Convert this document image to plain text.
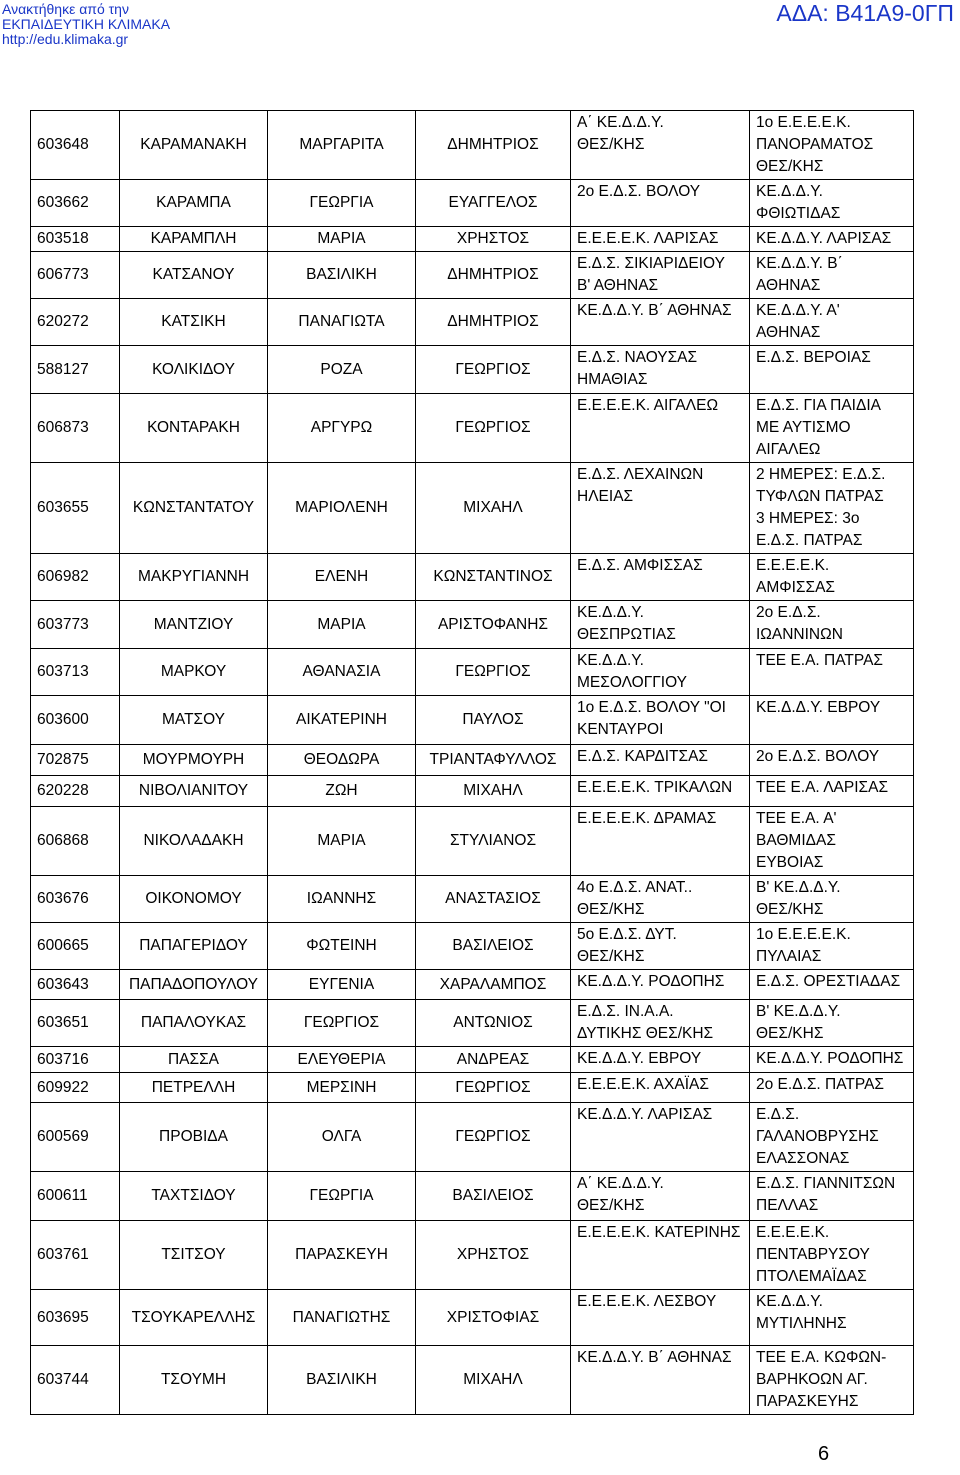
Ανακτήθηκε από την
ΕΚΠΑΙΔΕΥΤΙΚΗ ΚΛΙΜΑΚΑ
http://edu.klimaka.gr
ΑΔΑ: Β41Α9-0ΓΠ
603648	ΚΑΡΑΜΑΝΑΚΗ	ΜΑΡΓΑΡΙΤΑ	ΔΗΜΗΤΡΙΟΣ	Α΄ ΚΕ.Δ.Δ.Υ.
ΘΕΣ/ΚΗΣ	1ο Ε.Ε.Ε.Ε.Κ.
ΠΑΝΟΡΑΜΑΤΟΣ
ΘΕΣ/ΚΗΣ

603662	ΚΑΡΑΜΠΑ	ΓΕΩΡΓΙΑ	ΕΥΑΓΓΕΛΟΣ	2ο Ε.Δ.Σ. ΒΟΛΟΥ	ΚΕ.Δ.Δ.Υ.
ΦΘΙΩΤΙΔΑΣ

603518	ΚΑΡΑΜΠΛΗ	ΜΑΡΙΑ	ΧΡΗΣΤΟΣ	Ε.Ε.Ε.Ε.Κ. ΛΑΡΙΣΑΣ	ΚΕ.Δ.Δ.Υ. ΛΑΡΙΣΑΣ

606773	ΚΑΤΣΑΝΟΥ	ΒΑΣΙΛΙΚΗ	ΔΗΜΗΤΡΙΟΣ	Ε.Δ.Σ. ΣΙΚΙΑΡΙΔΕΙΟΥ
Β' ΑΘΗΝΑΣ	ΚΕ.Δ.Δ.Υ. Β΄
ΑΘΗΝΑΣ

620272	ΚΑΤΣΙΚΗ	ΠΑΝΑΓΙΩΤΑ	ΔΗΜΗΤΡΙΟΣ	ΚΕ.Δ.Δ.Υ. Β΄ ΑΘΗΝΑΣ	ΚΕ.Δ.Δ.Υ. Α'
ΑΘΗΝΑΣ

588127	ΚΟΛΙΚΙΔΟΥ	ΡΟΖΑ	ΓΕΩΡΓΙΟΣ	Ε.Δ.Σ. ΝΑΟΥΣΑΣ
ΗΜΑΘΙΑΣ	Ε.Δ.Σ. ΒΕΡΟΙΑΣ

606873	ΚΟΝΤΑΡΑΚΗ	ΑΡΓΥΡΩ	ΓΕΩΡΓΙΟΣ	Ε.Ε.Ε.Ε.Κ. ΑΙΓΑΛΕΩ	Ε.Δ.Σ. ΓΙΑ ΠΑΙΔΙΑ
ΜΕ ΑΥΤΙΣΜΟ
ΑΙΓΑΛΕΩ

603655	ΚΩΝΣΤΑΝΤΑΤΟΥ	ΜΑΡΙΟΛΕΝΗ	ΜΙΧΑΗΛ	Ε.Δ.Σ. ΛΕΧΑΙΝΩΝ
ΗΛΕΙΑΣ	2 ΗΜΕΡΕΣ: Ε.Δ.Σ.
ΤΥΦΛΩΝ ΠΑΤΡΑΣ
3 ΗΜΕΡΕΣ: 3ο
Ε.Δ.Σ. ΠΑΤΡΑΣ

606982	ΜΑΚΡΥΓΙΑΝΝΗ	ΕΛΕΝΗ	ΚΩΝΣΤΑΝΤΙΝΟΣ	Ε.Δ.Σ. ΑΜΦΙΣΣΑΣ	Ε.Ε.Ε.Ε.Κ.
ΑΜΦΙΣΣΑΣ

603773	ΜΑΝΤΖΙΟΥ	ΜΑΡΙΑ	ΑΡΙΣΤΟΦΑΝΗΣ	ΚΕ.Δ.Δ.Υ.
ΘΕΣΠΡΩΤΙΑΣ	2ο Ε.Δ.Σ.
ΙΩΑΝΝΙΝΩΝ

603713	ΜΑΡΚΟΥ	ΑΘΑΝΑΣΙΑ	ΓΕΩΡΓΙΟΣ	ΚΕ.Δ.Δ.Υ.
ΜΕΣΟΛΟΓΓΙΟΥ	ΤΕΕ Ε.Α. ΠΑΤΡΑΣ

603600	ΜΑΤΣΟΥ	ΑΙΚΑΤΕΡΙΝΗ	ΠΑΥΛΟΣ	1ο Ε.Δ.Σ. ΒΟΛΟΥ "ΟΙ
ΚΕΝΤΑΥΡΟΙ	ΚΕ.Δ.Δ.Υ. ΕΒΡΟΥ

702875	ΜΟΥΡΜΟΥΡΗ	ΘΕΟΔΩΡΑ	ΤΡΙΑΝΤΑΦΥΛΛΟΣ	Ε.Δ.Σ. ΚΑΡΔΙΤΣΑΣ	2ο Ε.Δ.Σ. ΒΟΛΟΥ

620228	ΝΙΒΟΛΙΑΝΙΤΟΥ	ΖΩΗ	ΜΙΧΑΗΛ	Ε.Ε.Ε.Ε.Κ. ΤΡΙΚΑΛΩΝ	ΤΕΕ Ε.Α. ΛΑΡΙΣΑΣ

606868	ΝΙΚΟΛΑΔΑΚΗ	ΜΑΡΙΑ	ΣΤΥΛΙΑΝΟΣ	Ε.Ε.Ε.Ε.Κ. ΔΡΑΜΑΣ	ΤΕΕ Ε.Α. Α'
ΒΑΘΜΙΔΑΣ
ΕΥΒΟΙΑΣ

603676	ΟΙΚΟΝΟΜΟΥ	ΙΩΑΝΝΗΣ	ΑΝΑΣΤΑΣΙΟΣ	4ο Ε.Δ.Σ. ΑΝΑΤ..
ΘΕΣ/ΚΗΣ	Β' ΚΕ.Δ.Δ.Υ.
ΘΕΣ/ΚΗΣ

600665	ΠΑΠΑΓΕΡΙΔΟΥ	ΦΩΤΕΙΝΗ	ΒΑΣΙΛΕΙΟΣ	5ο Ε.Δ.Σ. ΔΥΤ.
ΘΕΣ/ΚΗΣ	1ο Ε.Ε.Ε.Ε.Κ.
ΠΥΛΑΙΑΣ

603643	ΠΑΠΑΔΟΠΟΥΛΟΥ	ΕΥΓΕΝΙΑ	ΧΑΡΑΛΑΜΠΟΣ	ΚΕ.Δ.Δ.Υ. ΡΟΔΟΠΗΣ	Ε.Δ.Σ. ΟΡΕΣΤΙΑΔΑΣ

603651	ΠΑΠΑΛΟΥΚΑΣ	ΓΕΩΡΓΙΟΣ	ΑΝΤΩΝΙΟΣ	Ε.Δ.Σ. ΙΝ.Α.Α.
ΔΥΤΙΚΗΣ ΘΕΣ/ΚΗΣ	Β' ΚΕ.Δ.Δ.Υ.
ΘΕΣ/ΚΗΣ

603716	ΠΑΣΣΑ	ΕΛΕΥΘΕΡΙΑ	ΑΝΔΡΕΑΣ	ΚΕ.Δ.Δ.Υ. ΕΒΡΟΥ	ΚΕ.Δ.Δ.Υ. ΡΟΔΟΠΗΣ

609922	ΠΕΤΡΕΛΛΗ	ΜΕΡΣΙΝΗ	ΓΕΩΡΓΙΟΣ	Ε.Ε.Ε.Ε.Κ. ΑΧΑΪΑΣ	2ο Ε.Δ.Σ. ΠΑΤΡΑΣ

600569	ΠΡΟΒΙΔΑ	ΟΛΓΑ	ΓΕΩΡΓΙΟΣ	ΚΕ.Δ.Δ.Υ. ΛΑΡΙΣΑΣ	Ε.Δ.Σ.
ΓΑΛΑΝΟΒΡΥΣΗΣ
ΕΛΑΣΣΟΝΑΣ

600611	ΤΑΧΤΣΙΔΟΥ	ΓΕΩΡΓΙΑ	ΒΑΣΙΛΕΙΟΣ	Α΄ ΚΕ.Δ.Δ.Υ.
ΘΕΣ/ΚΗΣ	Ε.Δ.Σ. ΓΙΑΝΝΙΤΣΩΝ
ΠΕΛΛΑΣ

603761	ΤΣΙΤΣΟΥ	ΠΑΡΑΣΚΕΥΗ	ΧΡΗΣΤΟΣ	Ε.Ε.Ε.Ε.Κ. ΚΑΤΕΡΙΝΗΣ	Ε.Ε.Ε.Ε.Κ.
ΠΕΝΤΑΒΡΥΣΟΥ
ΠΤΟΛΕΜΑΪΔΑΣ

603695	ΤΣΟΥΚΑΡΕΛΛΗΣ	ΠΑΝΑΓΙΩΤΗΣ	ΧΡΙΣΤΟΦΙΑΣ	Ε.Ε.Ε.Ε.Κ. ΛΕΣΒΟΥ	ΚΕ.Δ.Δ.Υ.
ΜΥΤΙΛΗΝΗΣ

603744	ΤΣΟΥΜΗ	ΒΑΣΙΛΙΚΗ	ΜΙΧΑΗΛ	ΚΕ.Δ.Δ.Υ. Β΄ ΑΘΗΝΑΣ	ΤΕΕ Ε.Α. ΚΩΦΩΝ-
ΒΑΡΗΚΟΩΝ ΑΓ.
ΠΑΡΑΣΚΕΥΗΣ
6
